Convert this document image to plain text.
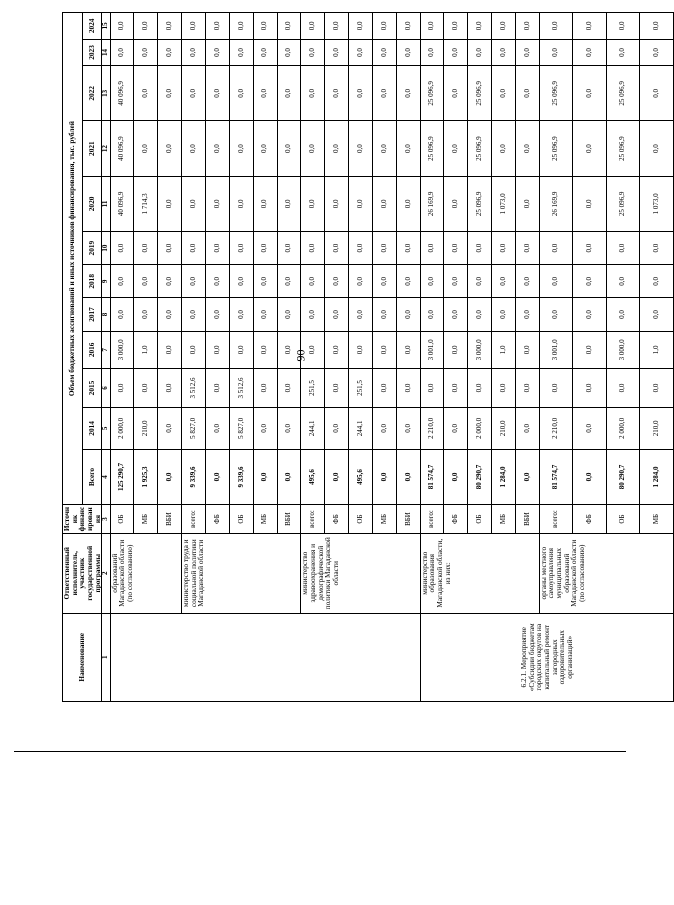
90
Наименование	Ответственный исполнитель, участник государственной программы	Источник финансирования	Объем бюджетных ассигнований и иных источников финансирования, тыс. рублей											
			Всего	2014	2015	2016	2017	2018	2019	2020	2021	2022	2023	2024
1	2	3	4	5	6	7	8	9	10	11	12	13	14	15
	образований Магаданской области (по согласованию)	ОБ	125 290,7	2 000,0	0,0	3 000,0	0,0	0,0	0,0	40 096,9	40 096,9	40 096,9	0,0	0,0
		МБ	1 925,3	210,0	0,0	1,0	0,0	0,0	0,0	1 714,3	0,0	0,0	0,0	0,0
		ВБИ	0,0	0,0	0,0	0,0	0,0	0,0	0,0	0,0	0,0	0,0	0,0	0,0
	министерство труда и социальной политики Магаданской области	всего:	9 339,6	5 827,0	3 512,6	0,0	0,0	0,0	0,0	0,0	0,0	0,0	0,0	0,0
		ФБ	0,0	0,0	0,0	0,0	0,0	0,0	0,0	0,0	0,0	0,0	0,0	0,0
		ОБ	9 339,6	5 827,0	3 512,6	0,0	0,0	0,0	0,0	0,0	0,0	0,0	0,0	0,0
		МБ	0,0	0,0	0,0	0,0	0,0	0,0	0,0	0,0	0,0	0,0	0,0	0,0
		ВБИ	0,0	0,0	0,0	0,0	0,0	0,0	0,0	0,0	0,0	0,0	0,0	0,0
	министерство здравоохранения и демографической политики Магаданской области	всего:	495,6	244,1	251,5	0,0	0,0	0,0	0,0	0,0	0,0	0,0	0,0	0,0
		ФБ	0,0	0,0	0,0	0,0	0,0	0,0	0,0	0,0	0,0	0,0	0,0	0,0
		ОБ	495,6	244,1	251,5	0,0	0,0	0,0	0,0	0,0	0,0	0,0	0,0	0,0
		МБ	0,0	0,0	0,0	0,0	0,0	0,0	0,0	0,0	0,0	0,0	0,0	0,0
		ВБИ	0,0	0,0	0,0	0,0	0,0	0,0	0,0	0,0	0,0	0,0	0,0	0,0
6.2.1. Мероприятие «Субсидии бюджетам городских округов на капитальный ремонт загородных оздоровительных организаций»	министерство образования Магаданской области, из них:	всего:	81 574,7	2 210,0	0,0	3 001,0	0,0	0,0	0,0	26 169,9	25 096,9	25 096,9	0,0	0,0
		ФБ	0,0	0,0	0,0	0,0	0,0	0,0	0,0	0,0	0,0	0,0	0,0	0,0
		ОБ	80 290,7	2 000,0	0,0	3 000,0	0,0	0,0	0,0	25 096,9	25 096,9	25 096,9	0,0	0,0
		МБ	1 284,0	210,0	0,0	1,0	0,0	0,0	0,0	1 073,0	0,0	0,0	0,0	0,0
		ВБИ	0,0	0,0	0,0	0,0	0,0	0,0	0,0	0,0	0,0	0,0	0,0	0,0
	органы местного самоуправления муниципальных образований Магаданской области (по согласованию)	всего:	81 574,7	2 210,0	0,0	3 001,0	0,0	0,0	0,0	26 169,9	25 096,9	25 096,9	0,0	0,0
		ФБ	0,0	0,0	0,0	0,0	0,0	0,0	0,0	0,0	0,0	0,0	0,0	0,0
		ОБ	80 290,7	2 000,0	0,0	3 000,0	0,0	0,0	0,0	25 096,9	25 096,9	25 096,9	0,0	0,0
		МБ	1 284,0	210,0	0,0	1,0	0,0	0,0	0,0	1 073,0	0,0	0,0	0,0	0,0
